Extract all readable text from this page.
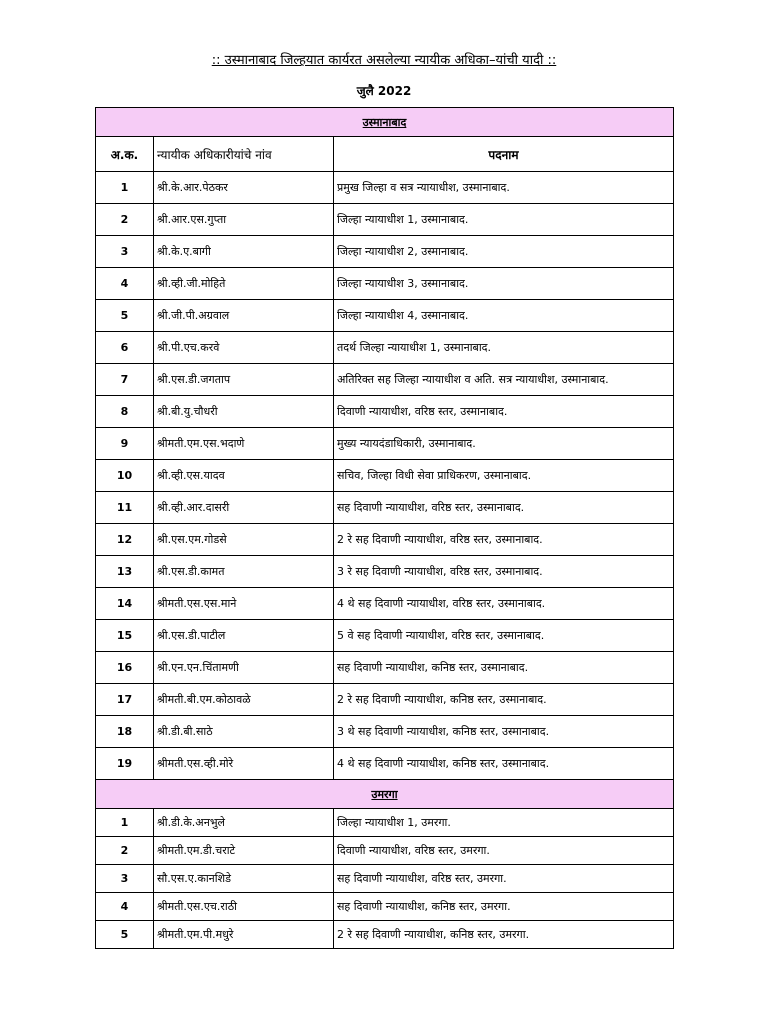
:: उस्मानाबाद जिल्हयात कार्यरत असलेल्या न्यायीक अधिका–यांची यादी ::
जुलै 2022
उस्मानाबाद		
अ.क.	न्यायीक अधिकारीयांचे नांव	पदनाम
1	श्री.के.आर.पेठकर	प्रमुख जिल्हा व सत्र न्यायाधीश, उस्मानाबाद.
2	श्री.आर.एस.गुप्ता	जिल्हा न्यायाधीश 1, उस्मानाबाद.
3	श्री.के.ए.बागी	जिल्हा न्यायाधीश 2, उस्मानाबाद.
4	श्री.व्ही.जी.मोहिते	जिल्हा न्यायाधीश 3, उस्मानाबाद.
5	श्री.जी.पी.अग्रवाल	जिल्हा न्यायाधीश 4, उस्मानाबाद.
6	श्री.पी.एच.करवे	तदर्थ जिल्हा न्यायाधीश 1, उस्मानाबाद.
7	श्री.एस.डी.जगताप	अतिरिक्त सह जिल्हा न्यायाधीश व अति. सत्र न्यायाधीश, उस्मानाबाद.
8	श्री.बी.यु.चौधरी	दिवाणी न्यायाधीश, वरिष्ठ स्तर, उस्मानाबाद.
9	श्रीमती.एम.एस.भदाणे	मुख्य न्यायदंडाधिकारी, उस्मानाबाद.
10	श्री.व्ही.एस.यादव	सचिव, जिल्हा विधी सेवा प्राधिकरण, उस्मानाबाद.
11	श्री.व्ही.आर.दासरी	सह दिवाणी न्यायाधीश, वरिष्ठ स्तर, उस्मानाबाद.
12	श्री.एस.एम.गोडसे	2 रे सह दिवाणी न्यायाधीश, वरिष्ठ स्तर, उस्मानाबाद.
13	श्री.एस.डी.कामत	3 रे सह दिवाणी न्यायाधीश, वरिष्ठ स्तर, उस्मानाबाद.
14	श्रीमती.एस.एस.माने	4 थे सह दिवाणी न्यायाधीश, वरिष्ठ स्तर, उस्मानाबाद.
15	श्री.एस.डी.पाटील	5 वे सह दिवाणी न्यायाधीश, वरिष्ठ स्तर, उस्मानाबाद.
16	श्री.एन.एन.चिंतामणी	सह दिवाणी न्यायाधीश, कनिष्ठ स्तर, उस्मानाबाद.
17	श्रीमती.बी.एम.कोठावळे	2 रे सह दिवाणी न्यायाधीश, कनिष्ठ स्तर, उस्मानाबाद.
18	श्री.डी.बी.साठे	3 थे सह दिवाणी न्यायाधीश, कनिष्ठ स्तर, उस्मानाबाद.
19	श्रीमती.एस.व्ही.मोरे	4 थे सह दिवाणी न्यायाधीश, कनिष्ठ स्तर, उस्मानाबाद.
उमरगा		
1	श्री.डी.के.अनभुले	जिल्हा न्यायाधीश 1, उमरगा.
2	श्रीमती.एम.डी.चराटे	दिवाणी न्यायाधीश, वरिष्ठ स्तर, उमरगा.
3	सौ.एस.ए.कानशिडे	सह दिवाणी न्यायाधीश, वरिष्ठ स्तर, उमरगा.
4	श्रीमती.एस.एच.राठी	सह दिवाणी न्यायाधीश, कनिष्ठ स्तर, उमरगा.
5	श्रीमती.एम.पी.मधुरे	2 रे सह दिवाणी न्यायाधीश, कनिष्ठ स्तर, उमरगा.
